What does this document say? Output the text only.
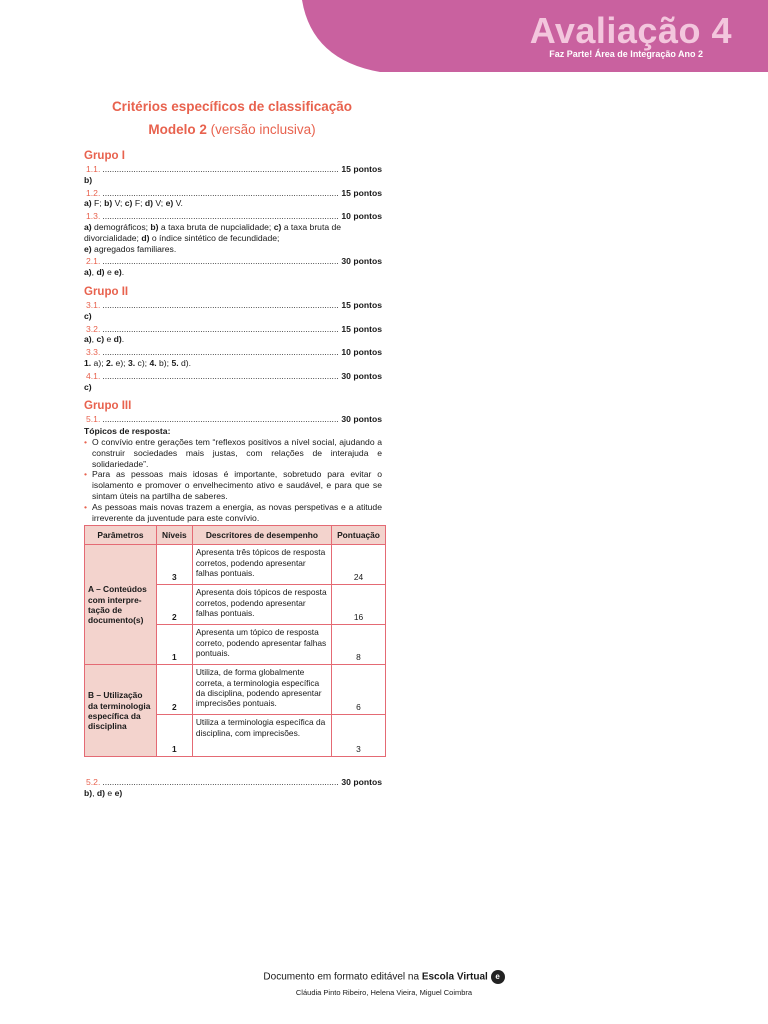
Avaliação 4
Faz Parte! Área de Integração Ano 2
Critérios específicos de classificação
Modelo 2 (versão inclusiva)
Grupo I
1.1. .....	15 pontos
b)
1.2. .....	15 pontos
a) F; b) V; c) F; d) V; e) V.
1.3. .....	10 pontos
a) demográficos; b) a taxa bruta de nupcialidade; c) a taxa bruta de divorcialidade; d) o índice sintético de fecundidade;
e) agregados familiares.
2.1. .....	30 pontos
a), d) e e).
Grupo II
3.1. .....	15 pontos
c)
3.2. .....	15 pontos
a), c) e d).
3.3. .....	10 pontos
1. a); 2. e); 3. c); 4. b); 5. d).
4.1. .....	30 pontos
c)
Grupo III
5.1. .....	30 pontos
Tópicos de resposta:
• O convívio entre gerações tem “reflexos positivos a nível social, ajudando a construir sociedades mais justas, com relações de interajuda e solidariedade”.
• Para as pessoas mais idosas é importante, sobretudo para evitar o isolamento e promover o envelhecimento ativo e saudável, e para que se sintam úteis na partilha de saberes.
• As pessoas mais novas trazem a energia, as novas perspetivas e a atitude irreverente da juventude para este convívio.
Parâmetros	Níveis	Descritores de desempenho	Pontuação
A – Conteúdos com interpre-tação de documento(s)	3	Apresenta três tópicos de resposta corretos, podendo apresentar falhas pontuais.	24
	2	Apresenta dois tópicos de resposta corretos, podendo apresentar falhas pontuais.	16
	1	Apresenta um tópico de resposta correto, podendo apresentar falhas pontuais.	8
B – Utilização da terminologia específica da disciplina	2	Utiliza, de forma globalmente correta, a terminologia específica da disciplina, podendo apresentar imprecisões pontuais.	6
	1	Utiliza a terminologia específica da disciplina, com imprecisões.	3
5.2. .....	30 pontos
b), d) e e)
Documento em formato editável na Escola Virtual e
Cláudia Pinto Ribeiro, Helena Vieira, Miguel Coimbra
